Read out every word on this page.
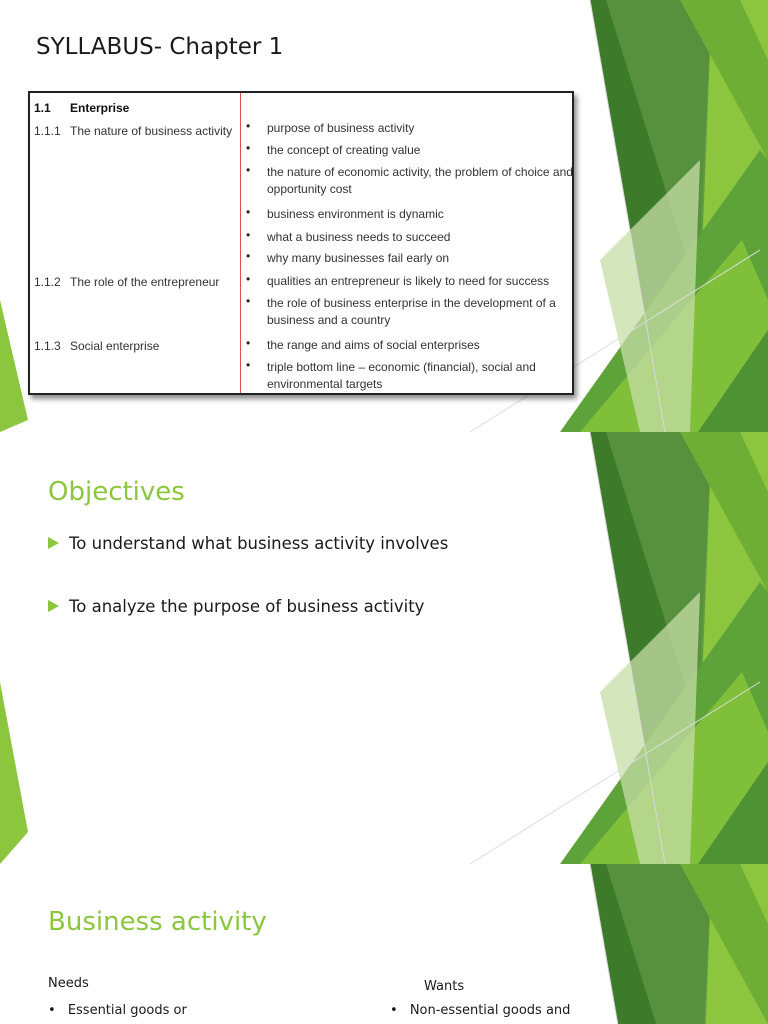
SYLLABUS- Chapter 1
1.1 Enterprise
1.1.1 The nature of business activity
1.1.2 The role of the entrepreneur
1.1.3 Social enterprise
• purpose of business activity
• the concept of creating value
• the nature of economic activity, the problem of choice and opportunity cost
• business environment is dynamic
• what a business needs to succeed
• why many businesses fail early on
• qualities an entrepreneur is likely to need for success
• the role of business enterprise in the development of a business and a country
• the range and aims of social enterprises
• triple bottom line – economic (financial), social and environmental targets
Objectives
To understand what business activity involves
To analyze the purpose of business activity
Business activity
Needs
• Essential goods or
Wants
• Non-essential goods and
